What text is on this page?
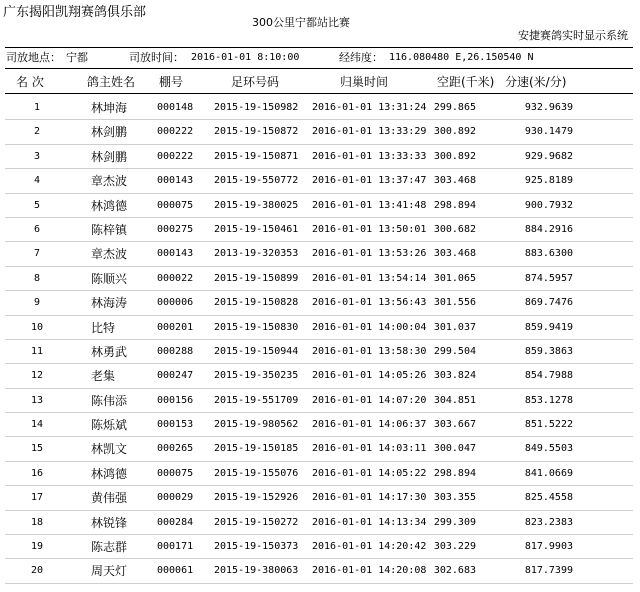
广东揭阳凯翔赛鸽俱乐部
300公里宁都站比赛
安捷赛鸽实时显示系统
司放地点： 宁都	司放时间： 2016-01-01 8:10:00	经纬度： 116.080480 E,26.150540 N
名 次	鸽主姓名 棚号	足环号码	归巢时间	空距(千米) 分速(米/分)
1	林坤海	000148 2015-19-150982 2016-01-01 13:31:24 299.865	932.9639
2	林剑鹏	000222 2015-19-150872 2016-01-01 13:33:29 300.892	930.1479
3	林剑鹏	000222 2015-19-150871 2016-01-01 13:33:33 300.892	929.9682
4	章杰波	000143 2015-19-550772 2016-01-01 13:37:47 303.468	925.8189
5	林鸿德	000075 2015-19-380025 2016-01-01 13:41:48 298.894	900.7932
6	陈梓镇	000275 2015-19-150461 2016-01-01 13:50:01 300.682	884.2916
7	章杰波	000143 2013-19-320353 2016-01-01 13:53:26 303.468	883.6300
8	陈顺兴	000022 2015-19-150899 2016-01-01 13:54:14 301.065	874.5957
9	林海涛	000006 2015-19-150828 2016-01-01 13:56:43 301.556	869.7476
10	比特	000201 2015-19-150830 2016-01-01 14:00:04 301.037	859.9419
11	林勇武	000288 2015-19-150944 2016-01-01 13:58:30 299.504	859.3863
12	老集	000247 2015-19-350235 2016-01-01 14:05:26 303.824	854.7988
13	陈伟添	000156 2015-19-551709 2016-01-01 14:07:20 304.851	853.1278
14	陈烁斌	000153 2015-19-980562 2016-01-01 14:06:37 303.667	851.5222
15	林凯文	000265 2015-19-150185 2016-01-01 14:03:11 300.047	849.5503
16	林鸿德	000075 2015-19-155076 2016-01-01 14:05:22 298.894	841.0669
17	黄伟强	000029 2015-19-152926 2016-01-01 14:17:30 303.355	825.4558
18	林锐锋	000284 2015-19-150272 2016-01-01 14:13:34 299.309	823.2383
19	陈志群	000171 2015-19-150373 2016-01-01 14:20:42 303.229	817.9903
20	周天灯	000061 2015-19-380063 2016-01-01 14:20:08 302.683	817.7399
